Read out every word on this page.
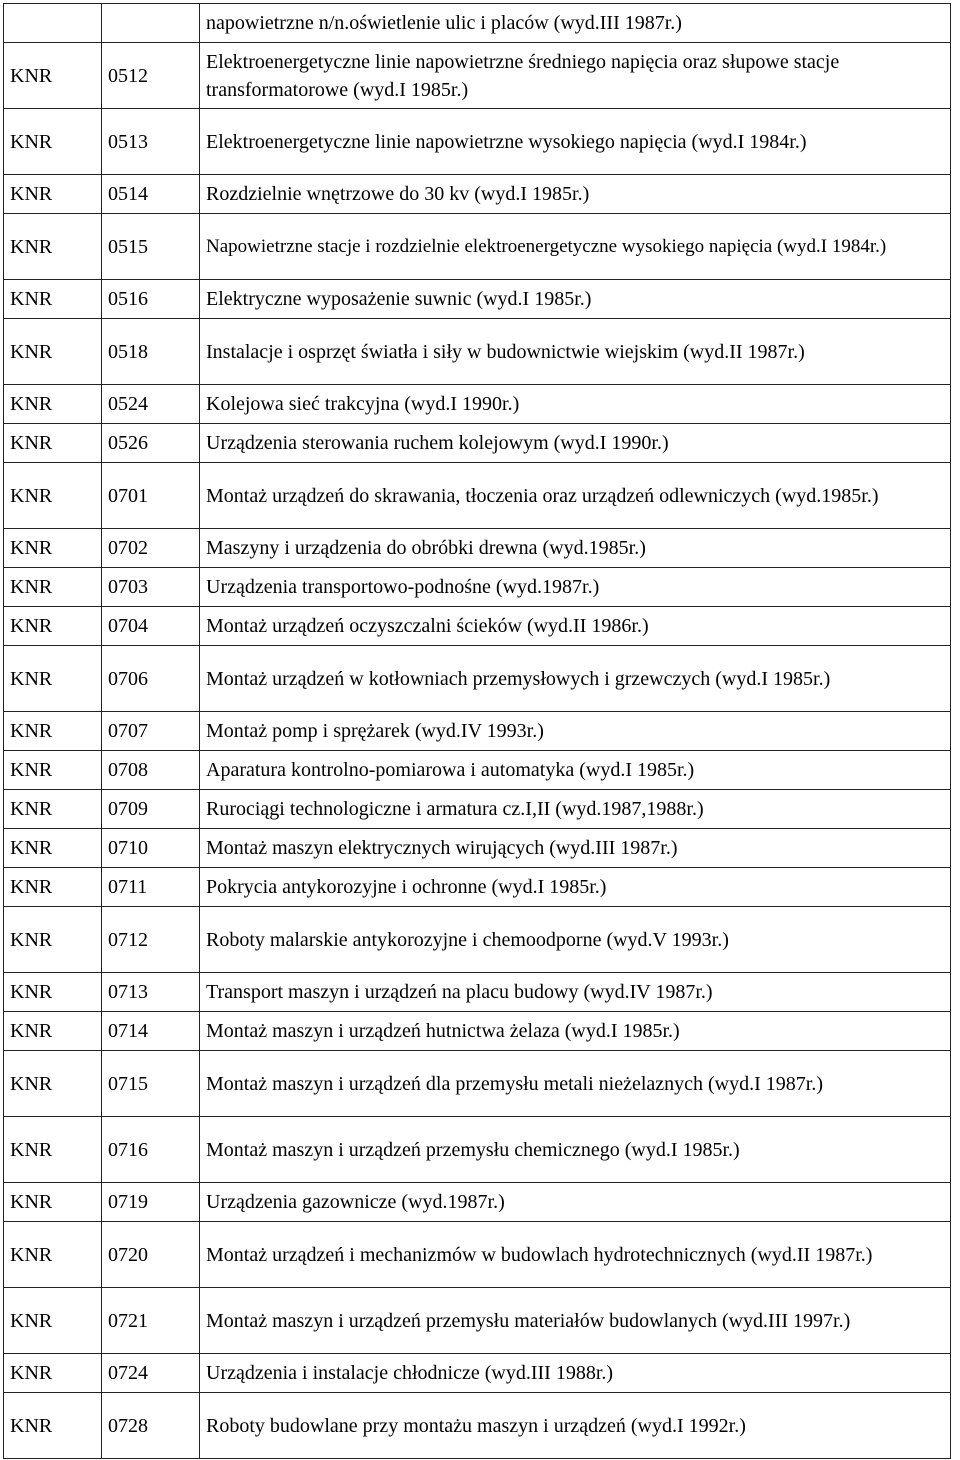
		napowietrzne n/n.oświetlenie ulic i placów (wyd.III 1987r.)
KNR	0512	Elektroenergetyczne linie napowietrzne średniego napięcia oraz słupowe stacje transformatorowe (wyd.I 1985r.)
KNR	0513	Elektroenergetyczne linie napowietrzne wysokiego napięcia (wyd.I 1984r.)
KNR	0514	Rozdzielnie wnętrzowe do 30 kv (wyd.I 1985r.)
KNR	0515	Napowietrzne stacje i rozdzielnie elektroenergetyczne wysokiego napięcia (wyd.I 1984r.)
KNR	0516	Elektryczne wyposażenie suwnic (wyd.I 1985r.)
KNR	0518	Instalacje i osprzęt światła i siły w budownictwie wiejskim (wyd.II 1987r.)
KNR	0524	Kolejowa sieć trakcyjna (wyd.I 1990r.)
KNR	0526	Urządzenia sterowania ruchem kolejowym (wyd.I 1990r.)
KNR	0701	Montaż urządzeń do skrawania, tłoczenia oraz urządzeń odlewniczych (wyd.1985r.)
KNR	0702	Maszyny i urządzenia do obróbki drewna (wyd.1985r.)
KNR	0703	Urządzenia transportowo-podnośne (wyd.1987r.)
KNR	0704	Montaż urządzeń oczyszczalni ścieków (wyd.II 1986r.)
KNR	0706	Montaż urządzeń w kotłowniach przemysłowych i grzewczych (wyd.I 1985r.)
KNR	0707	Montaż pomp i sprężarek (wyd.IV 1993r.)
KNR	0708	Aparatura kontrolno-pomiarowa i automatyka (wyd.I 1985r.)
KNR	0709	Rurociągi technologiczne i armatura cz.I,II (wyd.1987,1988r.)
KNR	0710	Montaż maszyn elektrycznych wirujących (wyd.III 1987r.)
KNR	0711	Pokrycia antykorozyjne i ochronne (wyd.I 1985r.)
KNR	0712	Roboty malarskie antykorozyjne i chemoodporne (wyd.V 1993r.)
KNR	0713	Transport maszyn i urządzeń na placu budowy (wyd.IV 1987r.)
KNR	0714	Montaż maszyn i urządzeń hutnictwa żelaza (wyd.I 1985r.)
KNR	0715	Montaż maszyn i urządzeń dla przemysłu metali nieżelaznych (wyd.I 1987r.)
KNR	0716	Montaż maszyn i urządzeń przemysłu chemicznego (wyd.I 1985r.)
KNR	0719	Urządzenia gazownicze (wyd.1987r.)
KNR	0720	Montaż urządzeń i mechanizmów w budowlach hydrotechnicznych (wyd.II 1987r.)
KNR	0721	Montaż maszyn i urządzeń przemysłu materiałów budowlanych (wyd.III 1997r.)
KNR	0724	Urządzenia i instalacje chłodnicze (wyd.III 1988r.)
KNR	0728	Roboty budowlane przy montażu maszyn i urządzeń (wyd.I 1992r.)
